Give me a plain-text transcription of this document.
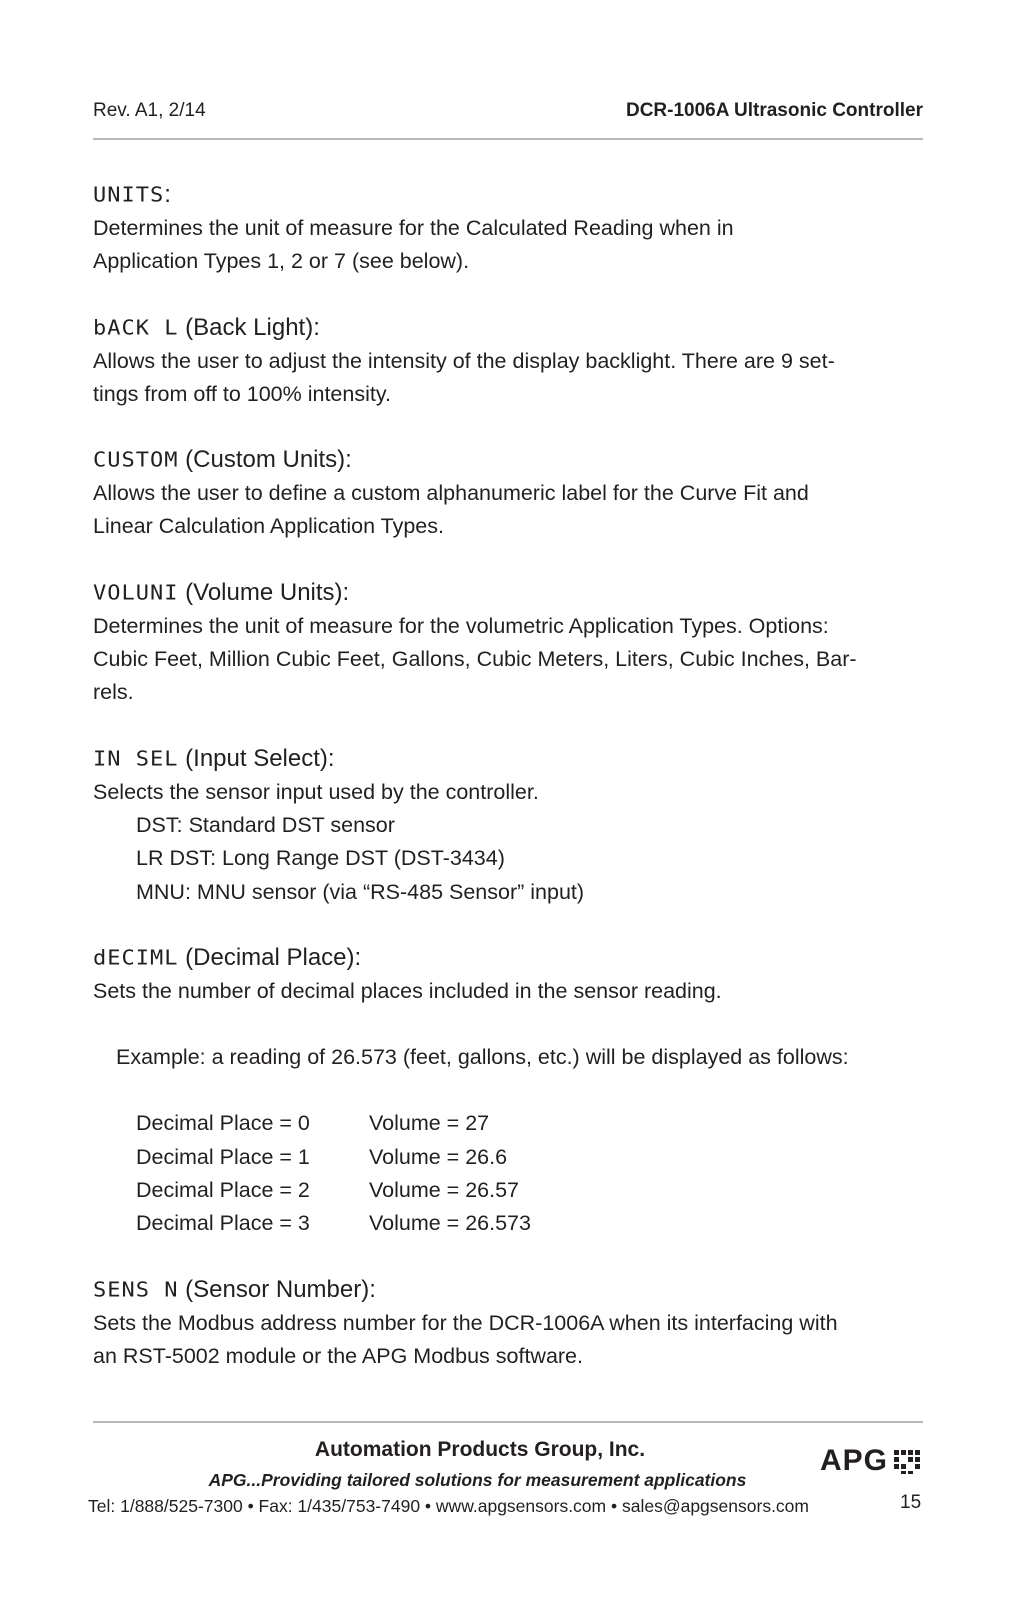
Rev. A1, 2/14	DCR-1006A Ultrasonic Controller
UNITS:
Determines the unit of measure for the Calculated Reading when in
Application Types 1, 2 or 7 (see below).
bACK L (Back Light):
Allows the user to adjust the intensity of the display backlight. There are 9 set-
tings from off to 100% intensity.
CUSTOM (Custom Units):
Allows the user to define a custom alphanumeric label for the Curve Fit and
Linear Calculation Application Types.
VOLUNI (Volume Units):
Determines the unit of measure for the volumetric Application Types. Options:
Cubic Feet, Million Cubic Feet, Gallons, Cubic Meters, Liters, Cubic Inches, Bar-
rels.
IN SEL (Input Select):
Selects the sensor input used by the controller.
DST: Standard DST sensor
LR DST: Long Range DST (DST-3434)
MNU: MNU sensor (via “RS-485 Sensor” input)
dECIML (Decimal Place):
Sets the number of decimal places included in the sensor reading.
Example: a reading of 26.573 (feet, gallons, etc.) will be displayed as follows:
Decimal Place = 0	Volume = 27
Decimal Place = 1	Volume = 26.6
Decimal Place = 2	Volume = 26.57
Decimal Place = 3	Volume = 26.573
SENS N (Sensor Number):
Sets the Modbus address number for the DCR-1006A when its interfacing with
an RST-5002 module or the APG Modbus software.
Automation Products Group, Inc.
APG...Providing tailored solutions for measurement applications
Tel: 1/888/525-7300 • Fax: 1/435/753-7490 • www.apgsensors.com • sales@apgsensors.com	15
APG
